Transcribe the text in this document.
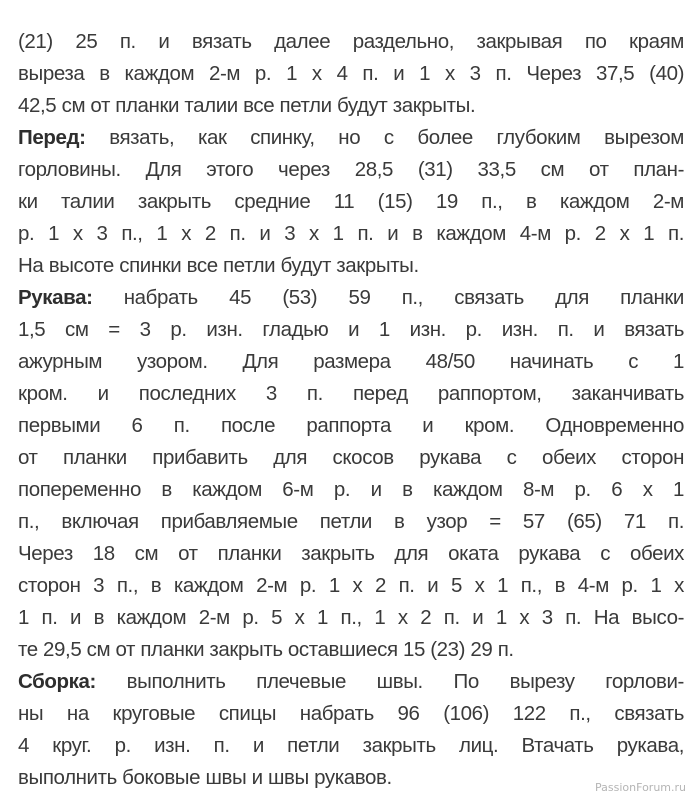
(21) 25 п. и вязать далее раздельно, закрывая по краям
выреза в каждом 2-м р. 1 х 4 п. и 1 х 3 п. Через 37,5 (40)
42,5 см от планки талии все петли будут закрыты.
Перед: вязать, как спинку, но с более глубоким вырезом
горловины. Для этого через 28,5 (31) 33,5 см от план-
ки талии закрыть средние 11 (15) 19 п., в каждом 2-м
р. 1 х 3 п., 1 х 2 п. и 3 х 1 п. и в каждом 4-м р. 2 х 1 п.
На высоте спинки все петли будут закрыты.
Рукава: набрать 45 (53) 59 п., связать для планки
1,5 см = 3 р. изн. гладью и 1 изн. р. изн. п. и вязать
ажурным узором. Для размера 48/50 начинать с 1
кром. и последних 3 п. перед раппортом, заканчивать
первыми 6 п. после раппорта и кром. Одновременно
от планки прибавить для скосов рукава с обеих сторон
попеременно в каждом 6-м р. и в каждом 8-м р. 6 х 1
п., включая прибавляемые петли в узор = 57 (65) 71 п.
Через 18 см от планки закрыть для оката рукава с обеих
сторон 3 п., в каждом 2-м р. 1 х 2 п. и 5 х 1 п., в 4-м р. 1 х
1 п. и в каждом 2-м р. 5 х 1 п., 1 х 2 п. и 1 х 3 п. На высо-
те 29,5 см от планки закрыть оставшиеся 15 (23) 29 п.
Сборка: выполнить плечевые швы. По вырезу горлови-
ны на круговые спицы набрать 96 (106) 122 п., связать
4 круг. р. изн. п. и петли закрыть лиц. Втачать рукава,
выполнить боковые швы и швы рукавов.	PassionForum.ru
